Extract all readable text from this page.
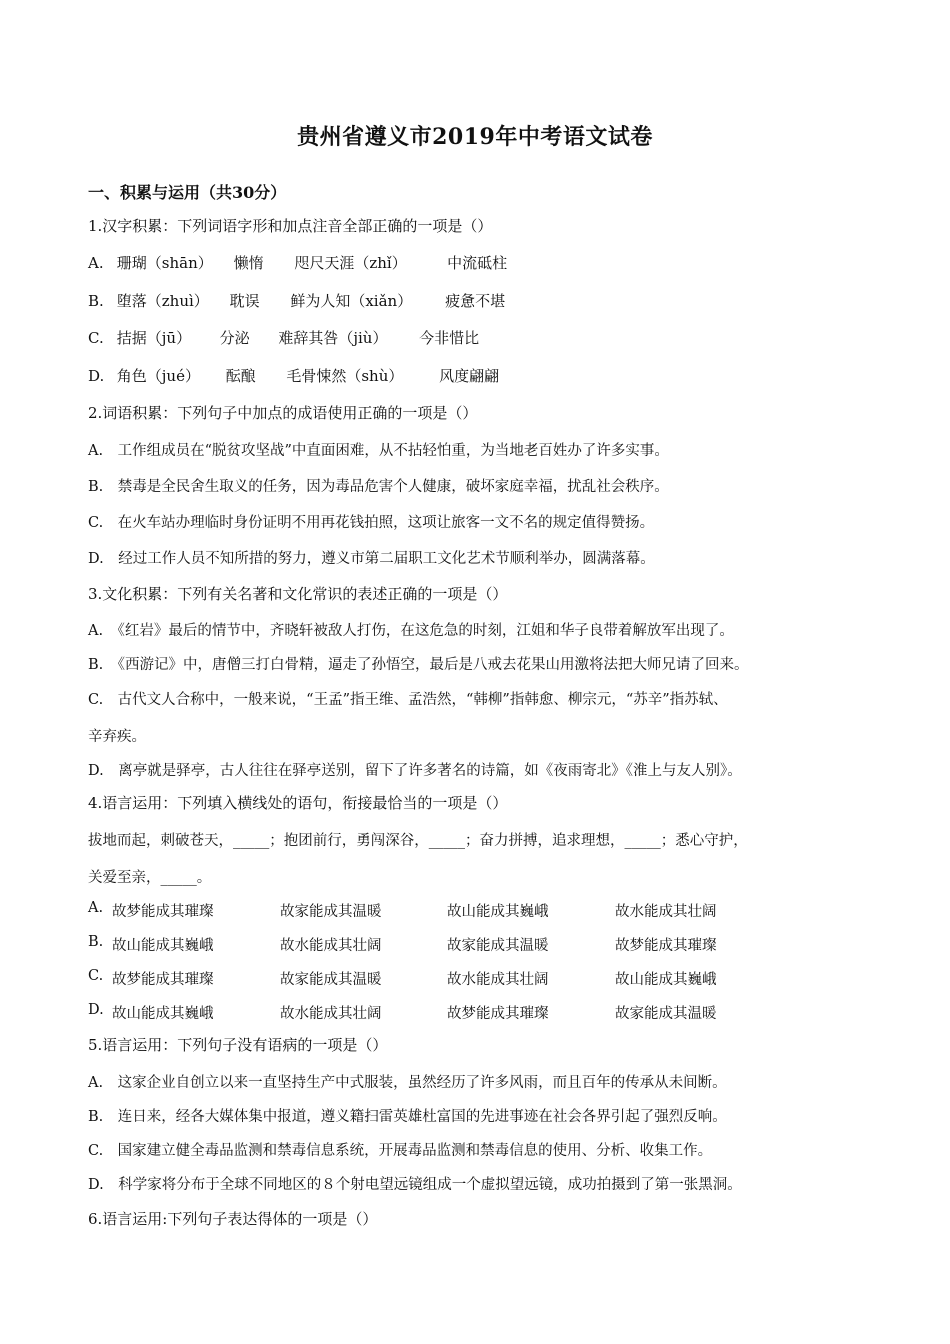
贵州省遵义市2019年中考语文试卷
一、积累与运用（共30分）
1.汉字积累：下列词语字形和加点注音全部正确的一项是（）
A. 珊瑚（shān） 懒惰 咫尺天涯（zhǐ）	中流砥柱
B. 堕落（zhuì） 耽误 鲜为人知（xiǎn） 疲惫不堪
C. 拮据（jū） 分泌 难辞其咎（jiù） 今非惜比
D. 角色（jué） 酝酿 毛骨悚然（shù） 风度翩翩
2.词语积累：下列句子中加点的成语使用正确的一项是（）
A.　工作组成员在“脱贫攻坚战”中直面困难，从不拈轻怕重，为当地老百姓办了许多实事。
B.　禁毒是全民舍生取义的任务，因为毒品危害个人健康，破坏家庭幸福，扰乱社会秩序。
C.　在火车站办理临时身份证明不用再花钱拍照，这项让旅客一文不名的规定值得赞扬。
D.　经过工作人员不知所措的努力，遵义市第二届职工文化艺术节顺利举办，圆满落幕。
3.文化积累：下列有关名著和文化常识的表述正确的一项是（）
A.　《红岩》最后的情节中，齐晓轩被敌人打伤，在这危急的时刻，江姐和华子良带着解放军出现了。
B.　《西游记》中，唐僧三打白骨精，逼走了孙悟空，最后是八戒去花果山用激将法把大师兄请了回来。
C.　古代文人合称中，一般来说，“王孟”指王维、孟浩然，“韩柳”指韩愈、柳宗元，“苏辛”指苏轼、
辛弃疾。
D.　离亭就是驿亭，古人往往在驿亭送别，留下了许多著名的诗篇，如《夜雨寄北》《淮上与友人别》。
4.语言运用：下列填入横线处的语句，衔接最恰当的一项是（）
拔地而起，刺破苍天，_____；抱团前行，勇闯深谷，_____；奋力拼搏，追求理想，_____；悉心守护，
关爱至亲，_____。
A. 故梦能成其璀璨	故家能成其温暖	故山能成其巍峨	故水能成其壮阔
B. 故山能成其巍峨	故水能成其壮阔	故家能成其温暖	故梦能成其璀璨
C. 故梦能成其璀璨	故家能成其温暖	故水能成其壮阔	故山能成其巍峨
D. 故山能成其巍峨	故水能成其壮阔	故梦能成其璀璨	故家能成其温暖
5.语言运用：下列句子没有语病的一项是（）
A.　这家企业自创立以来一直坚持生产中式服装，虽然经历了许多风雨，而且百年的传承从未间断。
B.　连日来，经各大媒体集中报道，遵义籍扫雷英雄杜富国的先进事迹在社会各界引起了强烈反响。
C.　国家建立健全毒品监测和禁毒信息系统，开展毒品监测和禁毒信息的使用、分析、收集工作。
D.　科学家将分布于全球不同地区的８个射电望远镜组成一个虚拟望远镜，成功拍摄到了第一张黑洞。
6.语言运用:下列句子表达得体的一项是（）
